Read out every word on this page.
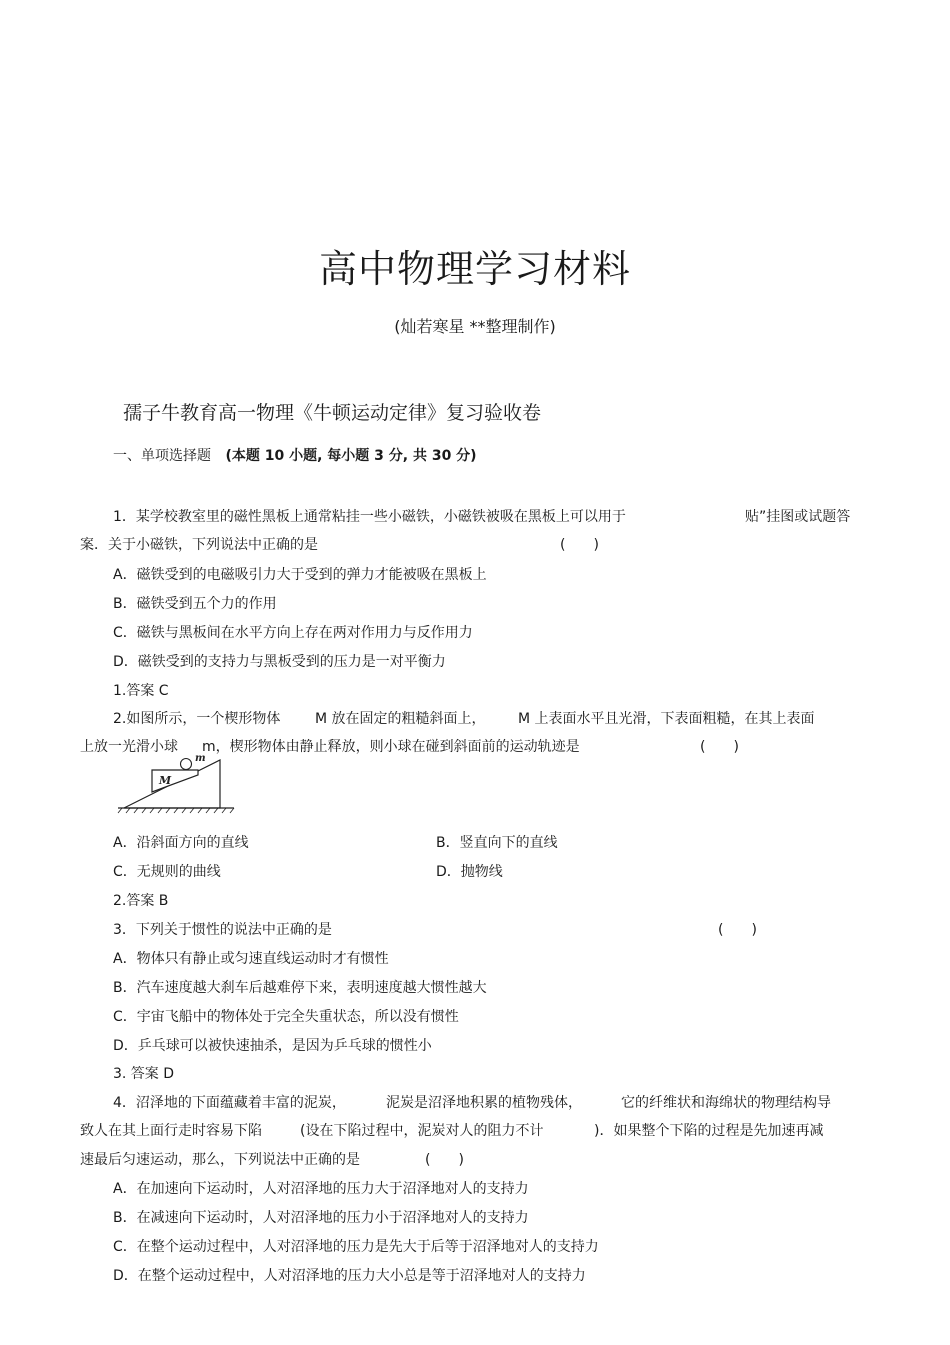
高中物理学习材料
(灿若寒星 **整理制作)
孺子牛教育高一物理《牛顿运动定律》复习验收卷
一、单项选择题 (本题 10 小题, 每小题 3 分, 共 30 分)
1．某学校教室里的磁性黑板上通常粘挂一些小磁铁，小磁铁被吸在黑板上可以用于	贴”挂图或试题答
案．关于小磁铁，下列说法中正确的是	(　　)
A．磁铁受到的电磁吸引力大于受到的弹力才能被吸在黑板上
B．磁铁受到五个力的作用
C．磁铁与黑板间在水平方向上存在两对作用力与反作用力
D．磁铁受到的支持力与黑板受到的压力是一对平衡力
1.答案 C
2.如图所示，一个楔形物体 M 放在固定的粗糙斜面上， M 上表面水平且光滑，下表面粗糙，在其上表面
上放一光滑小球 m，楔形物体由静止释放，则小球在碰到斜面前的运动轨迹是	(　　)
M
m
A．沿斜面方向的直线	B．竖直向下的直线
C．无规则的曲线	D．抛物线
2.答案 B
3．下列关于惯性的说法中正确的是	(　　)
A．物体只有静止或匀速直线运动时才有惯性
B．汽车速度越大刹车后越难停下来，表明速度越大惯性越大
C．宇宙飞船中的物体处于完全失重状态，所以没有惯性
D．乒乓球可以被快速抽杀，是因为乒乓球的惯性小
3. 答案 D
4．沼泽地的下面蕴藏着丰富的泥炭，	泥炭是沼泽地积累的植物残体，	它的纤维状和海绵状的物理结构导
致人在其上面行走时容易下陷	(设在下陷过程中，泥炭对人的阻力不计	)．如果整个下陷的过程是先加速再减
速最后匀速运动，那么，下列说法中正确的是	(　　)
A．在加速向下运动时，人对沼泽地的压力大于沼泽地对人的支持力
B．在减速向下运动时，人对沼泽地的压力小于沼泽地对人的支持力
C．在整个运动过程中，人对沼泽地的压力是先大于后等于沼泽地对人的支持力
D．在整个运动过程中，人对沼泽地的压力大小总是等于沼泽地对人的支持力
